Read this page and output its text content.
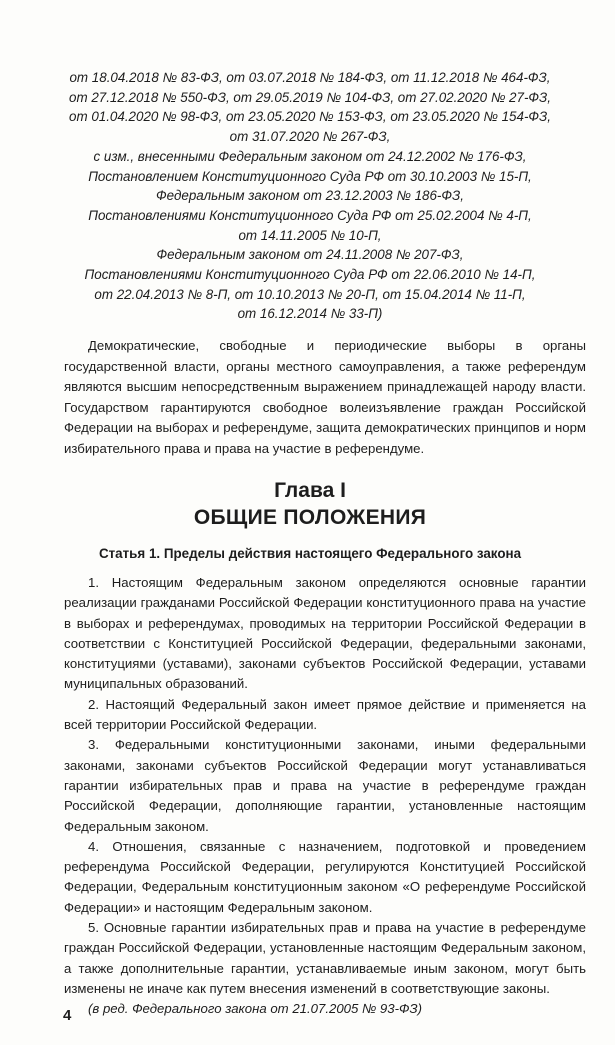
от 18.04.2018 № 83-ФЗ, от 03.07.2018 № 184-ФЗ, от 11.12.2018 № 464-ФЗ,
от 27.12.2018 № 550-ФЗ, от 29.05.2019 № 104-ФЗ, от 27.02.2020 № 27-ФЗ,
от 01.04.2020 № 98-ФЗ, от 23.05.2020 № 153-ФЗ, от 23.05.2020 № 154-ФЗ,
от 31.07.2020 № 267-ФЗ,
с изм., внесенными Федеральным законом от 24.12.2002 № 176-ФЗ,
Постановлением Конституционного Суда РФ от 30.10.2003 № 15-П,
Федеральным законом от 23.12.2003 № 186-ФЗ,
Постановлениями Конституционного Суда РФ от 25.02.2004 № 4-П,
от 14.11.2005 № 10-П,
Федеральным законом от 24.11.2008 № 207-ФЗ,
Постановлениями Конституционного Суда РФ от 22.06.2010 № 14-П,
от 22.04.2013 № 8-П, от 10.10.2013 № 20-П, от 15.04.2014 № 11-П,
от 16.12.2014 № 33-П)

Демократические, свободные и периодические выборы в органы государственной власти, органы местного самоуправления, а также референдум являются высшим непосредственным выражением принадлежащей народу власти. Государством гарантируются свободное волеизъявление граждан Российской Федерации на выборах и референдуме, защита демократических принципов и норм избирательного права и права на участие в референдуме.

Глава I
ОБЩИЕ ПОЛОЖЕНИЯ
Статья 1. Пределы действия настоящего Федерального закона

1. Настоящим Федеральным законом определяются основные гарантии реализации гражданами Российской Федерации конституционного права на участие в выборах и референдумах, проводимых на территории Российской Федерации в соответствии с Конституцией Российской Федерации, федеральными законами, конституциями (уставами), законами субъектов Российской Федерации, уставами муниципальных образований.

2. Настоящий Федеральный закон имеет прямое действие и применяется на всей территории Российской Федерации.

3. Федеральными конституционными законами, иными федеральными законами, законами субъектов Российской Федерации могут устанавливаться гарантии избирательных прав и права на участие в референдуме граждан Российской Федерации, дополняющие гарантии, установленные настоящим Федеральным законом.

4. Отношения, связанные с назначением, подготовкой и проведением референдума Российской Федерации, регулируются Конституцией Российской Федерации, Федеральным конституционным законом «О референдуме Российской Федерации» и настоящим Федеральным законом.

5. Основные гарантии избирательных прав и права на участие в референдуме граждан Российской Федерации, установленные настоящим Федеральным законом, а также дополнительные гарантии, устанавливаемые иным законом, могут быть изменены не иначе как путем внесения изменений в соответствующие законы.

(в ред. Федерального закона от 21.07.2005 № 93-ФЗ)

4
